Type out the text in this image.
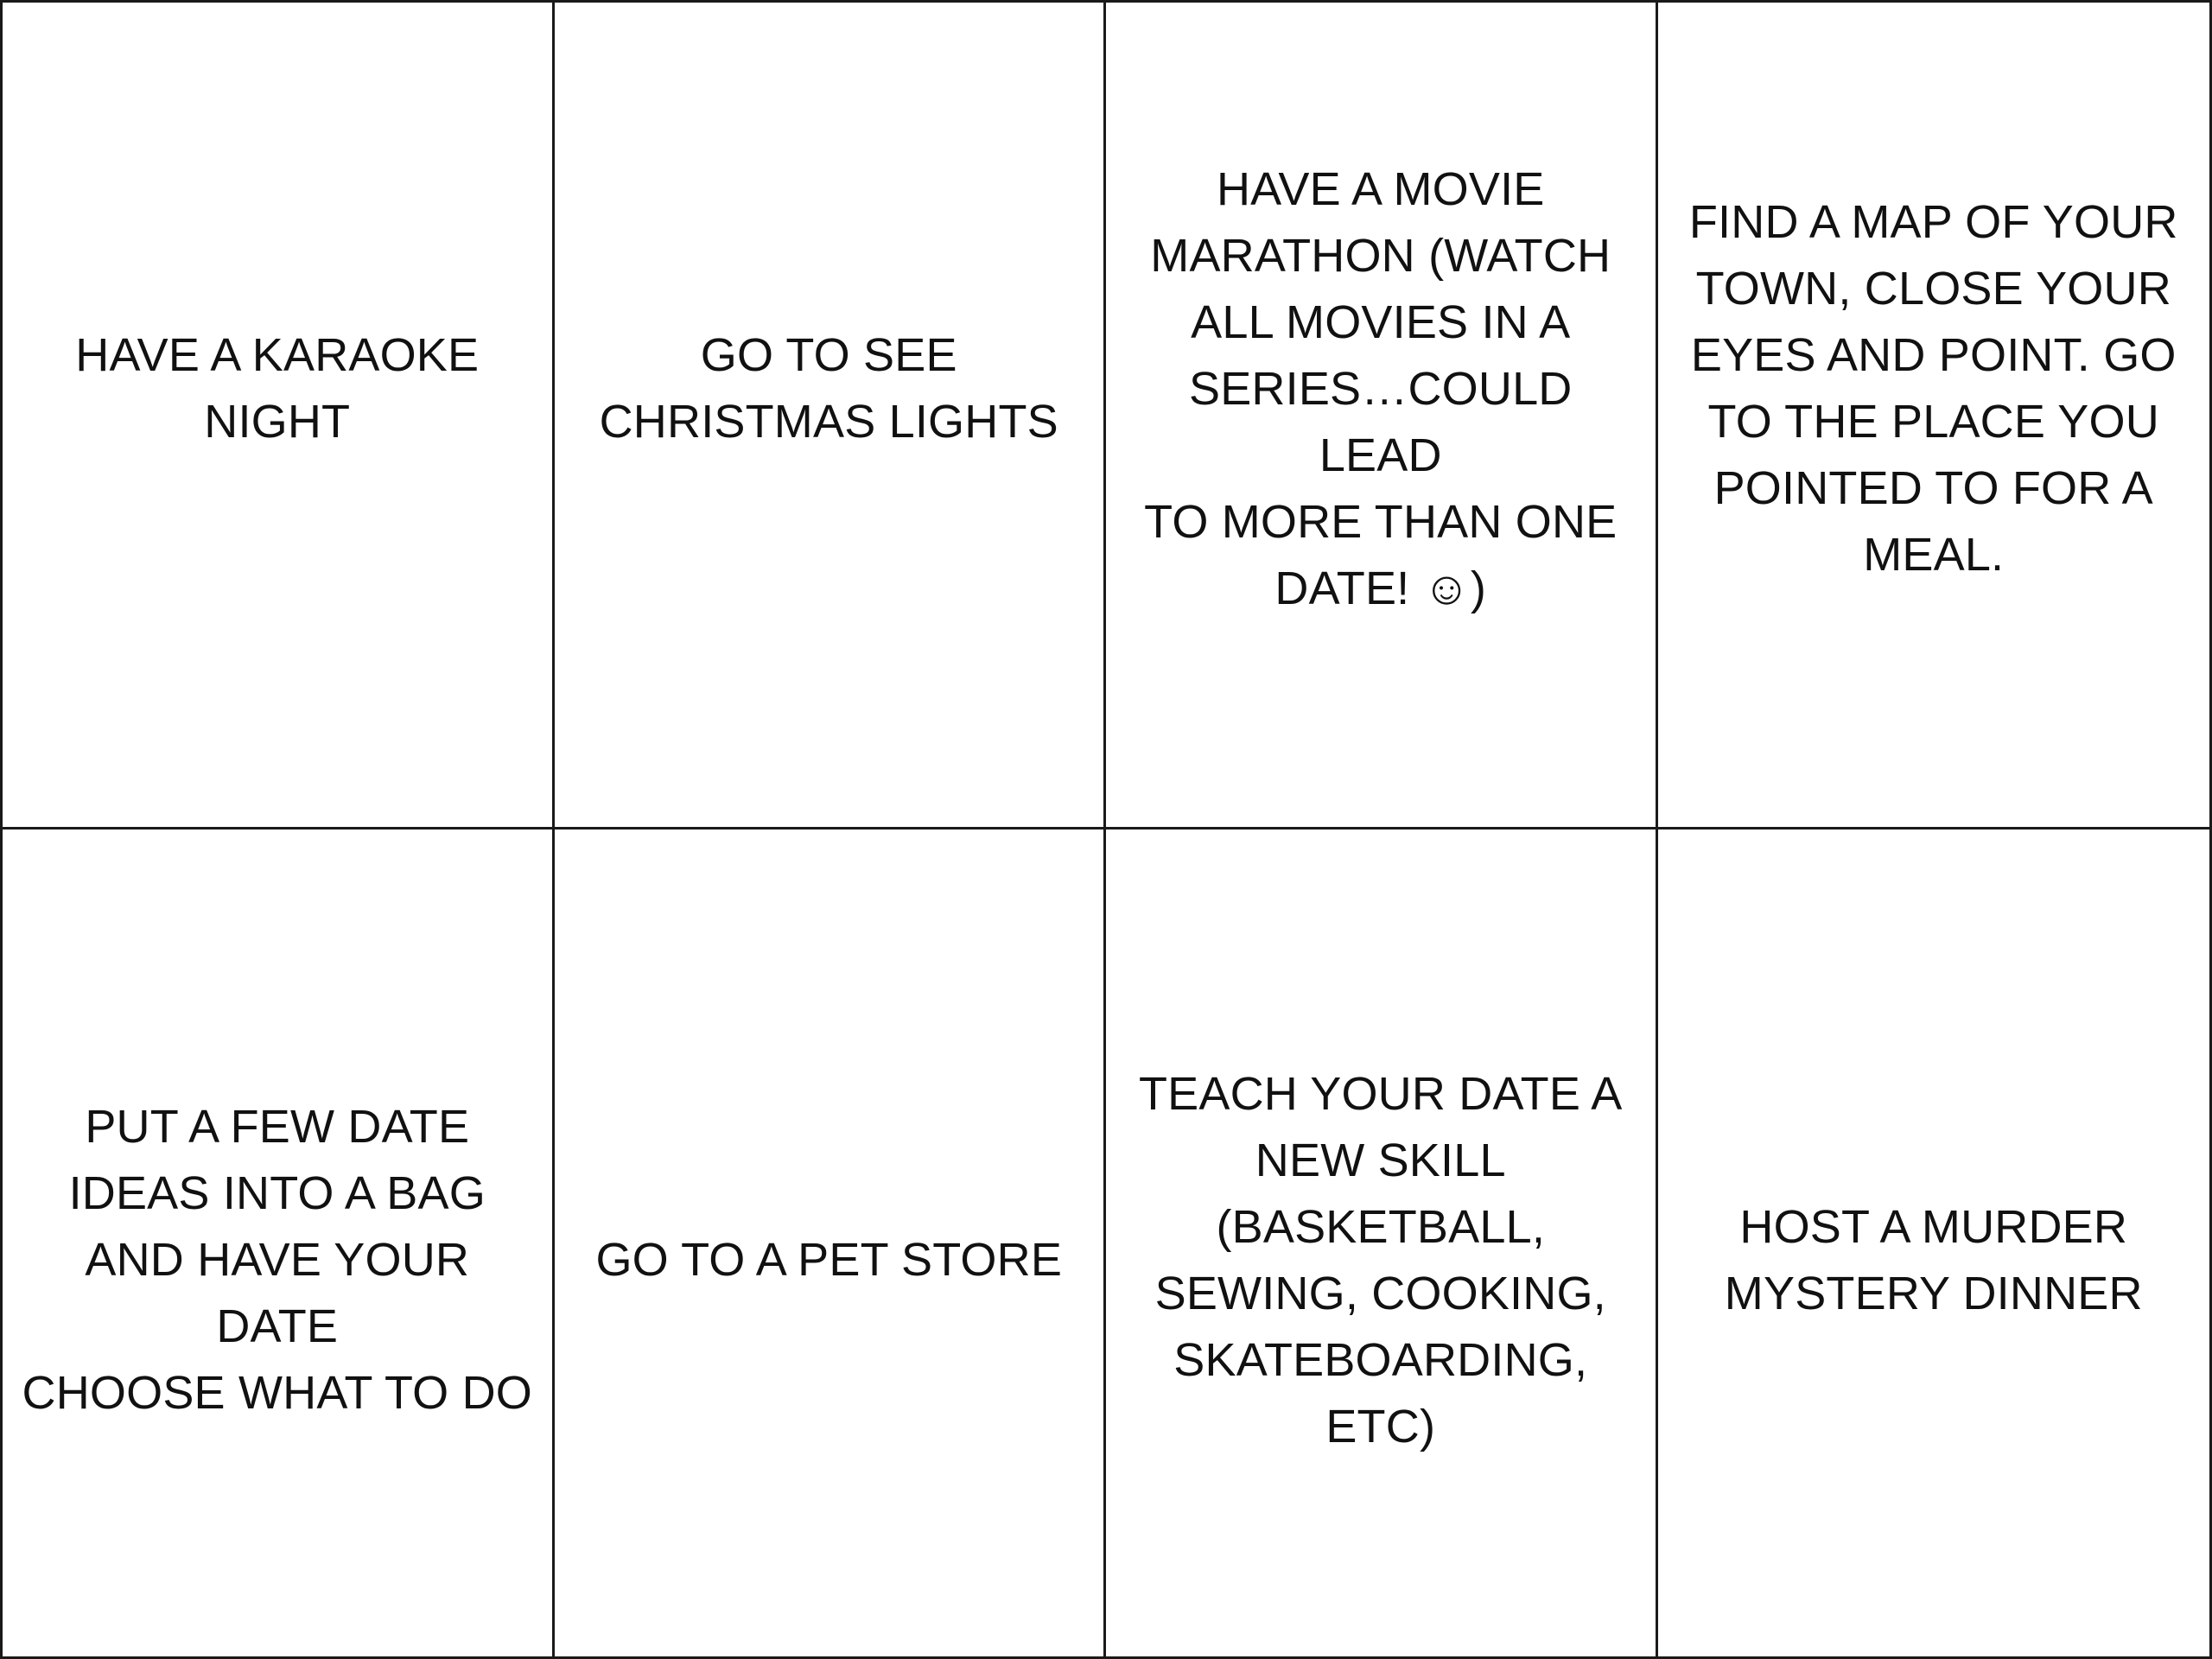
HAVE A KARAOKE
NIGHT
GO TO SEE
CHRISTMAS LIGHTS
HAVE A MOVIE
MARATHON (WATCH
ALL MOVIES IN A
SERIES…COULD LEAD
TO MORE THAN ONE
DATE! ☺)
FIND A MAP OF YOUR
TOWN, CLOSE YOUR
EYES AND POINT. GO
TO THE PLACE YOU
POINTED TO FOR A
MEAL.
PUT A FEW DATE
IDEAS INTO A BAG
AND HAVE YOUR DATE
CHOOSE WHAT TO DO
GO TO A PET STORE
TEACH YOUR DATE A
NEW SKILL
(BASKETBALL,
SEWING, COOKING,
SKATEBOARDING, ETC)
HOST A MURDER
MYSTERY DINNER
